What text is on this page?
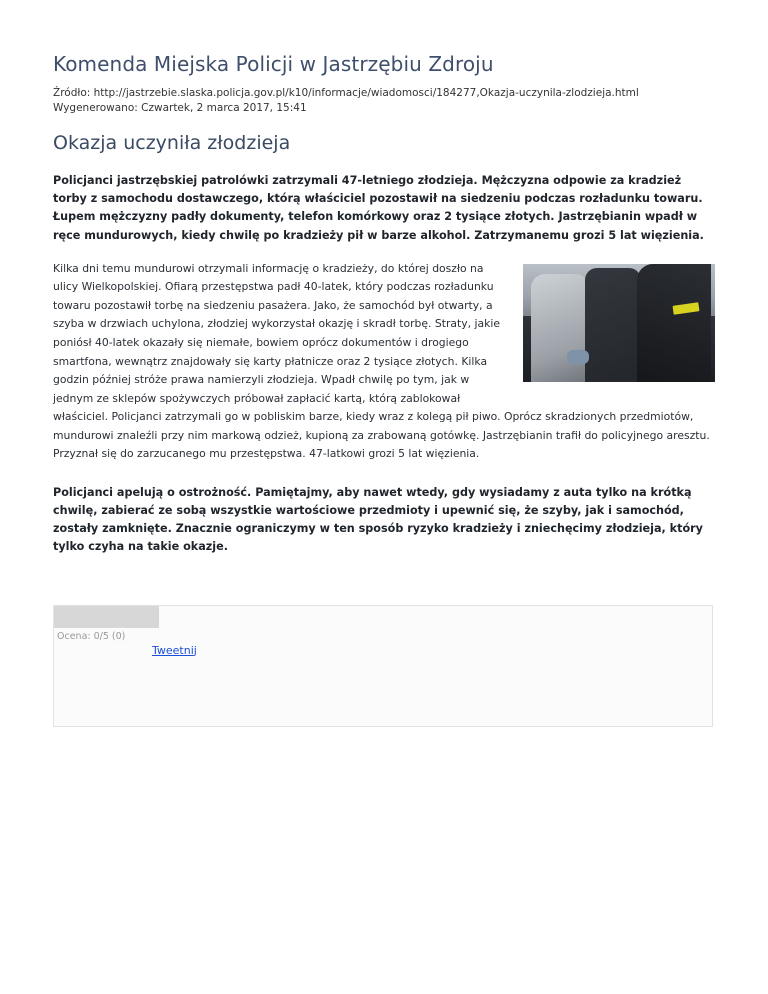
Komenda Miejska Policji w Jastrzębiu Zdroju
Źródło: http://jastrzebie.slaska.policja.gov.pl/k10/informacje/wiadomosci/184277,Okazja-uczynila-zlodzieja.html
Wygenerowano: Czwartek, 2 marca 2017, 15:41
Okazja uczyniła złodzieja

Policjanci jastrzębskiej patrolówki zatrzymali 47-letniego złodzieja. Mężczyzna odpowie za kradzież torby z samochodu dostawczego, którą właściciel pozostawił na siedzeniu podczas rozładunku towaru. Łupem mężczyzny padły dokumenty, telefon komórkowy oraz 2 tysiące złotych. Jastrzębianin wpadł w ręce mundurowych, kiedy chwilę po kradzieży pił w barze alkohol. Zatrzymanemu grozi 5 lat więzienia.

Kilka dni temu mundurowi otrzymali informację o kradzieży, do której doszło na ulicy Wielkopolskiej. Ofiarą przestępstwa padł 40-latek, który podczas rozładunku towaru pozostawił torbę na siedzeniu pasażera. Jako, że samochód był otwarty, a szyba w drzwiach uchylona, złodziej wykorzystał okazję i skradł torbę. Straty, jakie poniósł 40-latek okazały się niemałe, bowiem oprócz dokumentów i drogiego smartfona, wewnątrz znajdowały się karty płatnicze oraz 2 tysiące złotych. Kilka godzin później stróże prawa namierzyli złodzieja. Wpadł chwilę po tym, jak w jednym ze sklepów spożywczych próbował zapłacić kartą, którą zablokował właściciel. Policjanci zatrzymali go w pobliskim barze, kiedy wraz z kolegą pił piwo. Oprócz skradzionych przedmiotów, mundurowi znaleźli przy nim markową odzież, kupioną za zrabowaną gotówkę. Jastrzębianin trafił do policyjnego aresztu. Przyznał się do zarzucanego mu przestępstwa. 47-latkowi grozi 5 lat więzienia.

Policjanci apelują o ostrożność. Pamiętajmy, aby nawet wtedy, gdy wysiadamy z auta tylko na krótką chwilę, zabierać ze sobą wszystkie wartościowe przedmioty i upewnić się, że szyby, jak i samochód, zostały zamknięte. Znacznie ograniczymy w ten sposób ryzyko kradzieży i zniechęcimy złodzieja, który tylko czyha na takie okazje.

Ocena: 0/5 (0)
Tweetnij
